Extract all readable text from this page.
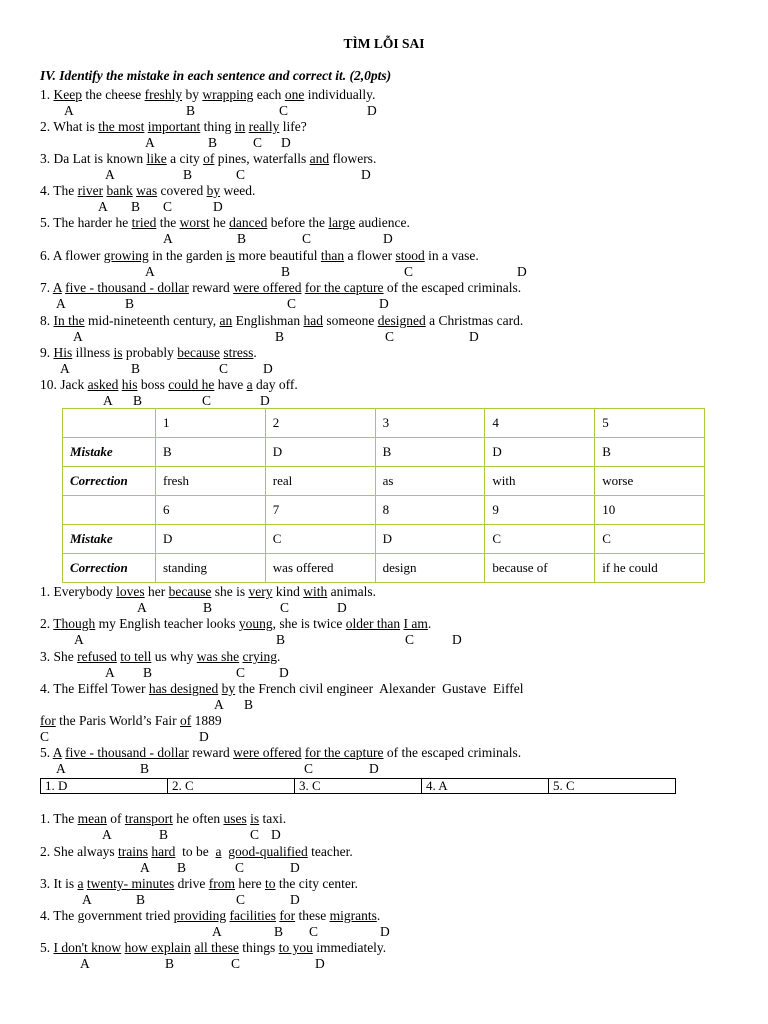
TÌM LỖI SAI
IV. Identify the mistake in each sentence and correct it. (2,0pts)
1. Keep the cheese freshly by wrapping each one individually.
A	B	C	D
2. What is the most important thing in really life?
A	B	C D
3. Da Lat is known like a city of pines, waterfalls and flowers.
A	B	C	D
4. The river bank was covered by weed.
A B C	D
5. The harder he tried the worst he danced before the large audience.
A	B	C	D
6. A flower growing in the garden is more beautiful than a flower stood in a vase.
A	B	C	D
7. A five - thousand - dollar reward were offered for the capture of the escaped criminals.
A	B	C	D
8. In the mid-nineteenth century, an Englishman had someone designed a Christmas card.
A	B	C	D
9. His illness is probably because stress.
A	B	C	D
10. Jack asked his boss could he have a day off.
A B	C	D
	1	2	3	4	5
Mistake	B	D	B	D	B
Correction	fresh	real	as	with	worse
	6	7	8	9	10
Mistake	D	C	D	C	C
Correction	standing	was offered	design	because of	if he could
1. Everybody loves her because she is very kind with animals.
A	B	C	D
2. Though my English teacher looks young, she is twice older than I am.
A	B	C	D
3. She refused to tell us why was she crying.
A B	C	D
4. The Eiffel Tower has designed by the French civil engineer  Alexander  Gustave  Eiffel
A B
for the Paris World’s Fair of 1889
C	D
5. A five - thousand - dollar reward were offered for the capture of the escaped criminals.
A	B	C	D
1. D	2. C	3. C	4. A	5. C
1. The mean of transport he often uses is taxi.
A	B	C D
2. She always trains hard  to be  a good-qualified teacher.
A B	C	D
3. It is a twenty- minutes drive from here to the city center.
A	B	C	D
4. The government tried providing facilities for these migrants.
A	B C	D
5. I don't know how explain all these things to you immediately.
A	B	C	D
